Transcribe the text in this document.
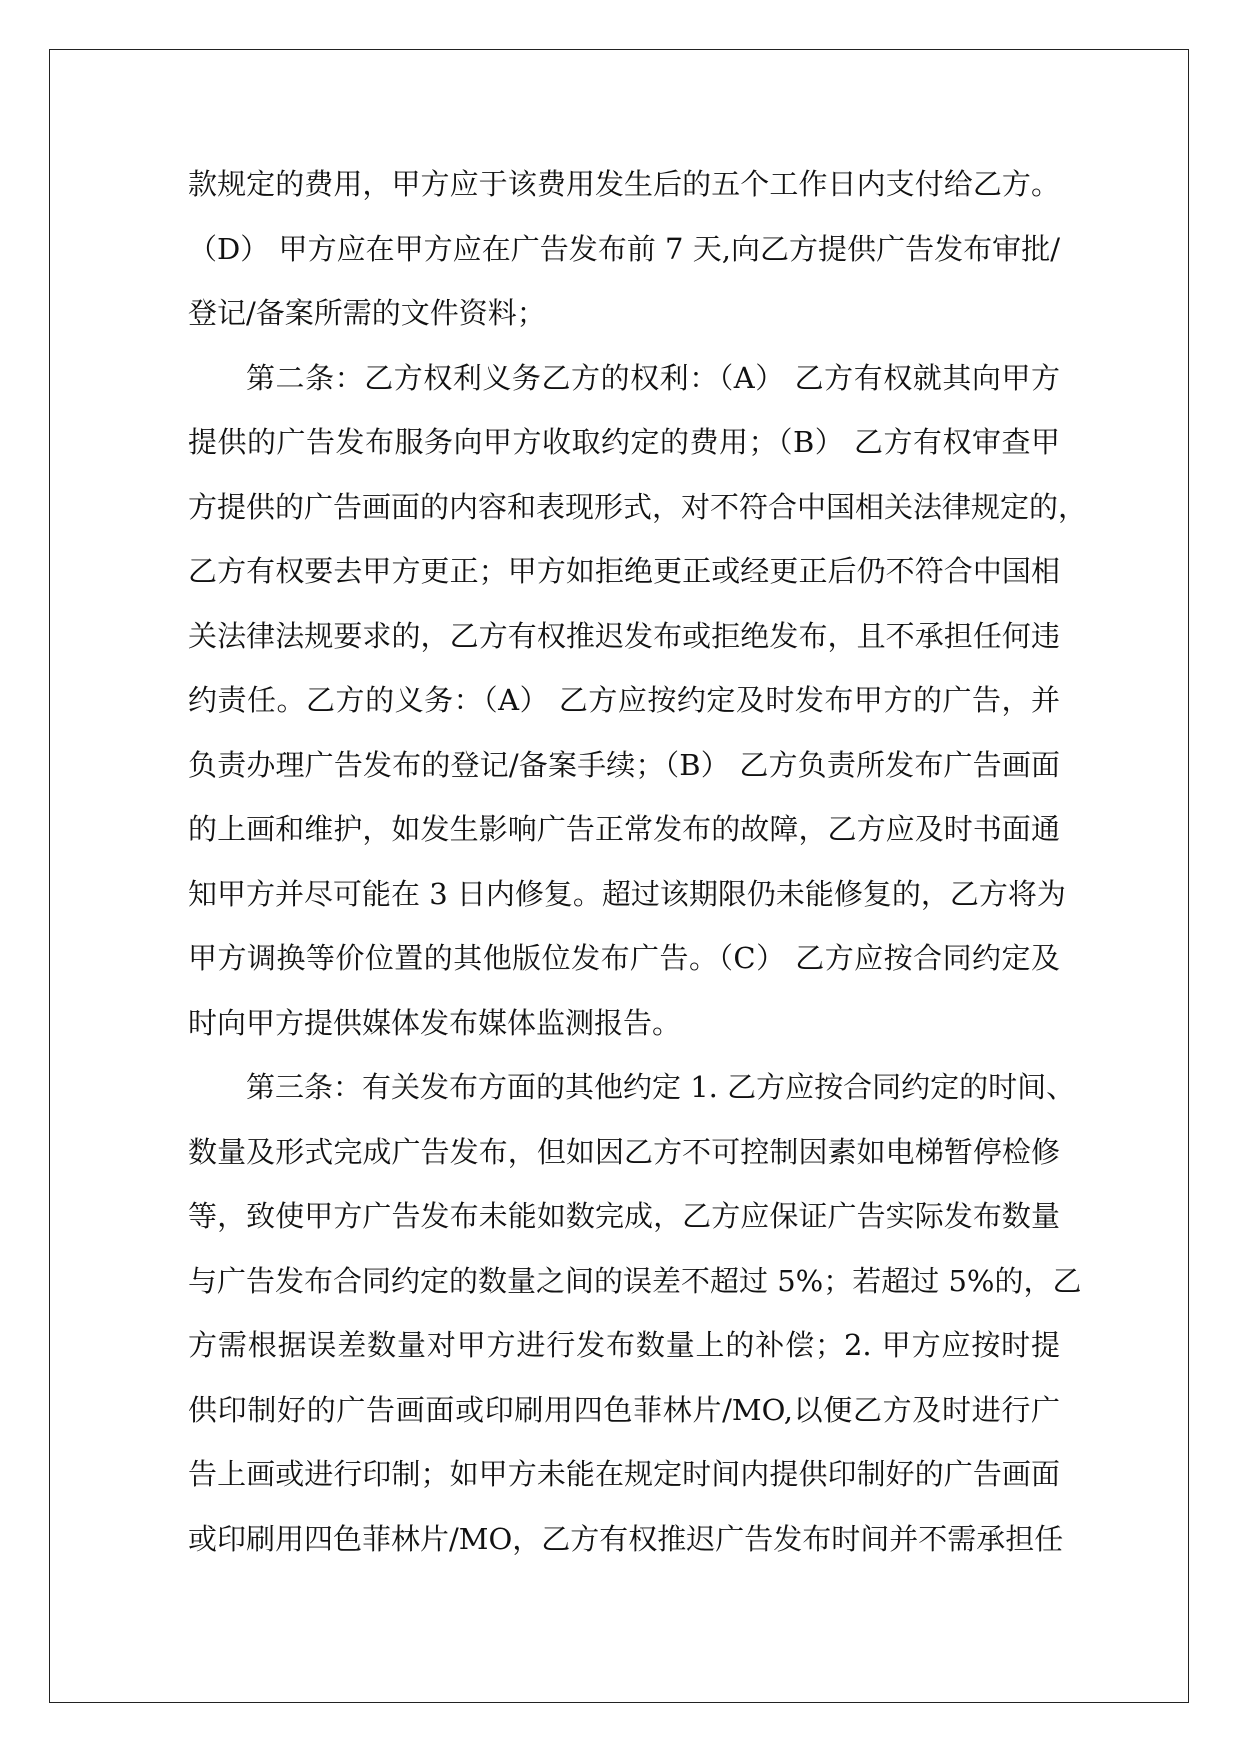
款规定的费用，甲方应于该费用发生后的五个工作日内支付给乙方。
（D） 甲方应在甲方应在广告发布前 7 天,向乙方提供广告发布审批/
登记/备案所需的文件资料；
第二条：乙方权利义务乙方的权利：（A） 乙方有权就其向甲方
提供的广告发布服务向甲方收取约定的费用；（B） 乙方有权审查甲
方提供的广告画面的内容和表现形式，对不符合中国相关法律规定的，
乙方有权要去甲方更正；甲方如拒绝更正或经更正后仍不符合中国相
关法律法规要求的，乙方有权推迟发布或拒绝发布，且不承担任何违
约责任。乙方的义务：（A） 乙方应按约定及时发布甲方的广告，并
负责办理广告发布的登记/备案手续；（B） 乙方负责所发布广告画面
的上画和维护，如发生影响广告正常发布的故障，乙方应及时书面通
知甲方并尽可能在 3 日内修复。超过该期限仍未能修复的，乙方将为
甲方调换等价位置的其他版位发布广告。（C） 乙方应按合同约定及
时向甲方提供媒体发布媒体监测报告。
第三条：有关发布方面的其他约定 1. 乙方应按合同约定的时间、
数量及形式完成广告发布，但如因乙方不可控制因素如电梯暂停检修
等，致使甲方广告发布未能如数完成，乙方应保证广告实际发布数量
与广告发布合同约定的数量之间的误差不超过 5%；若超过 5%的，乙
方需根据误差数量对甲方进行发布数量上的补偿；2. 甲方应按时提
供印制好的广告画面或印刷用四色菲林片/MO,以便乙方及时进行广
告上画或进行印制；如甲方未能在规定时间内提供印制好的广告画面
或印刷用四色菲林片/MO，乙方有权推迟广告发布时间并不需承担任
